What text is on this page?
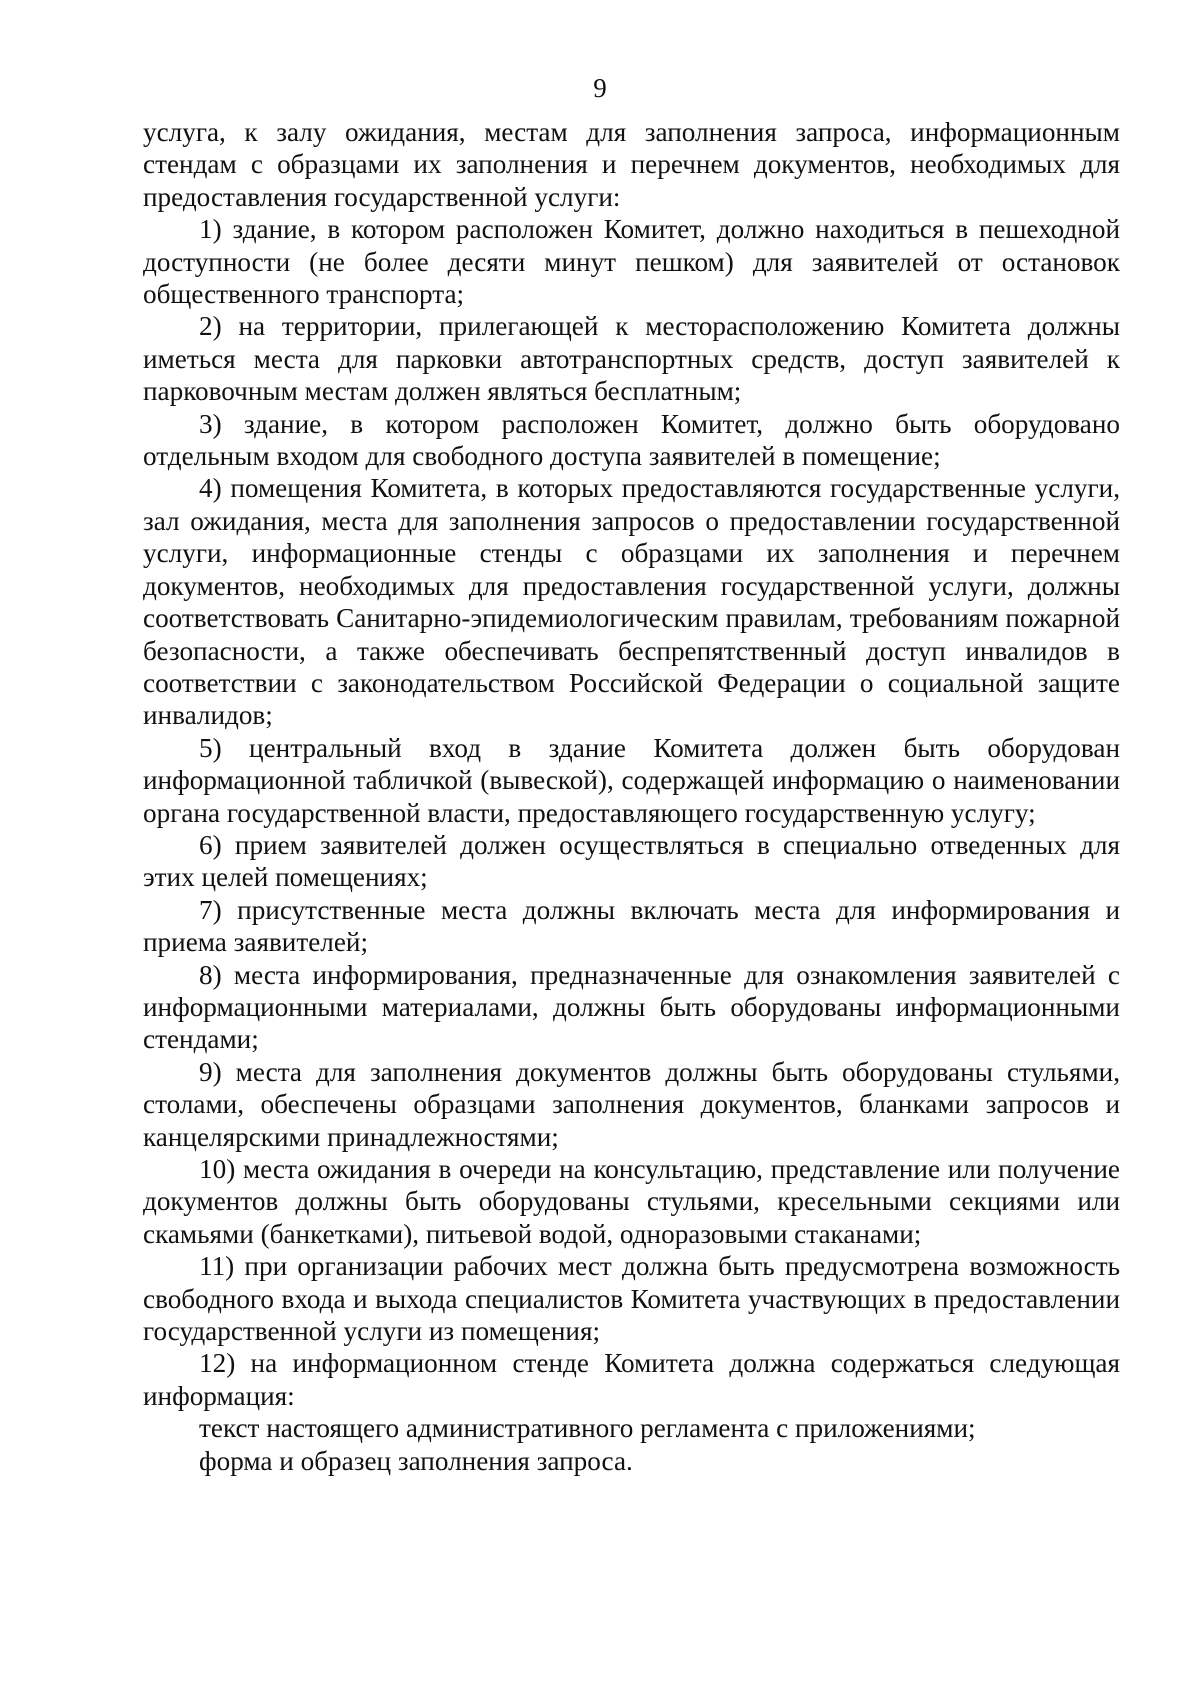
9

услуга, к залу ожидания, местам для заполнения запроса, информационным стендам с образцами их заполнения и перечнем документов, необходимых для предоставления государственной услуги:

1) здание, в котором расположен Комитет, должно находиться в пешеходной доступности (не более десяти минут пешком) для заявителей от остановок общественного транспорта;

2) на территории, прилегающей к месторасположению Комитета должны иметься места для парковки автотранспортных средств, доступ заявителей к парковочным местам должен являться бесплатным;

3) здание, в котором расположен Комитет, должно быть оборудовано отдельным входом для свободного доступа заявителей в помещение;

4) помещения Комитета, в которых предоставляются государственные услуги, зал ожидания, места для заполнения запросов о предоставлении государственной услуги, информационные стенды с образцами их заполнения и перечнем документов, необходимых для предоставления государственной услуги, должны соответствовать Санитарно-эпидемиологическим правилам, требованиям пожарной безопасности, а также обеспечивать беспрепятственный доступ инвалидов в соответствии с законодательством Российской Федерации о социальной защите инвалидов;

5) центральный вход в здание Комитета должен быть оборудован информационной табличкой (вывеской), содержащей информацию о наименовании органа государственной власти, предоставляющего государственную услугу;

6) прием заявителей должен осуществляться в специально отведенных для этих целей помещениях;

7) присутственные места должны включать места для информирования и приема заявителей;

8) места информирования, предназначенные для ознакомления заявителей с информационными материалами, должны быть оборудованы информационными стендами;

9) места для заполнения документов должны быть оборудованы стульями, столами, обеспечены образцами заполнения документов, бланками запросов и канцелярскими принадлежностями;

10) места ожидания в очереди на консультацию, представление или получение документов должны быть оборудованы стульями, кресельными секциями или скамьями (банкетками), питьевой водой, одноразовыми стаканами;

11) при организации рабочих мест должна быть предусмотрена возможность свободного входа и выхода специалистов Комитета участвующих в предоставлении государственной услуги из помещения;

12) на информационном стенде Комитета должна содержаться следующая информация:

текст настоящего административного регламента с приложениями;

форма и образец заполнения запроса.
